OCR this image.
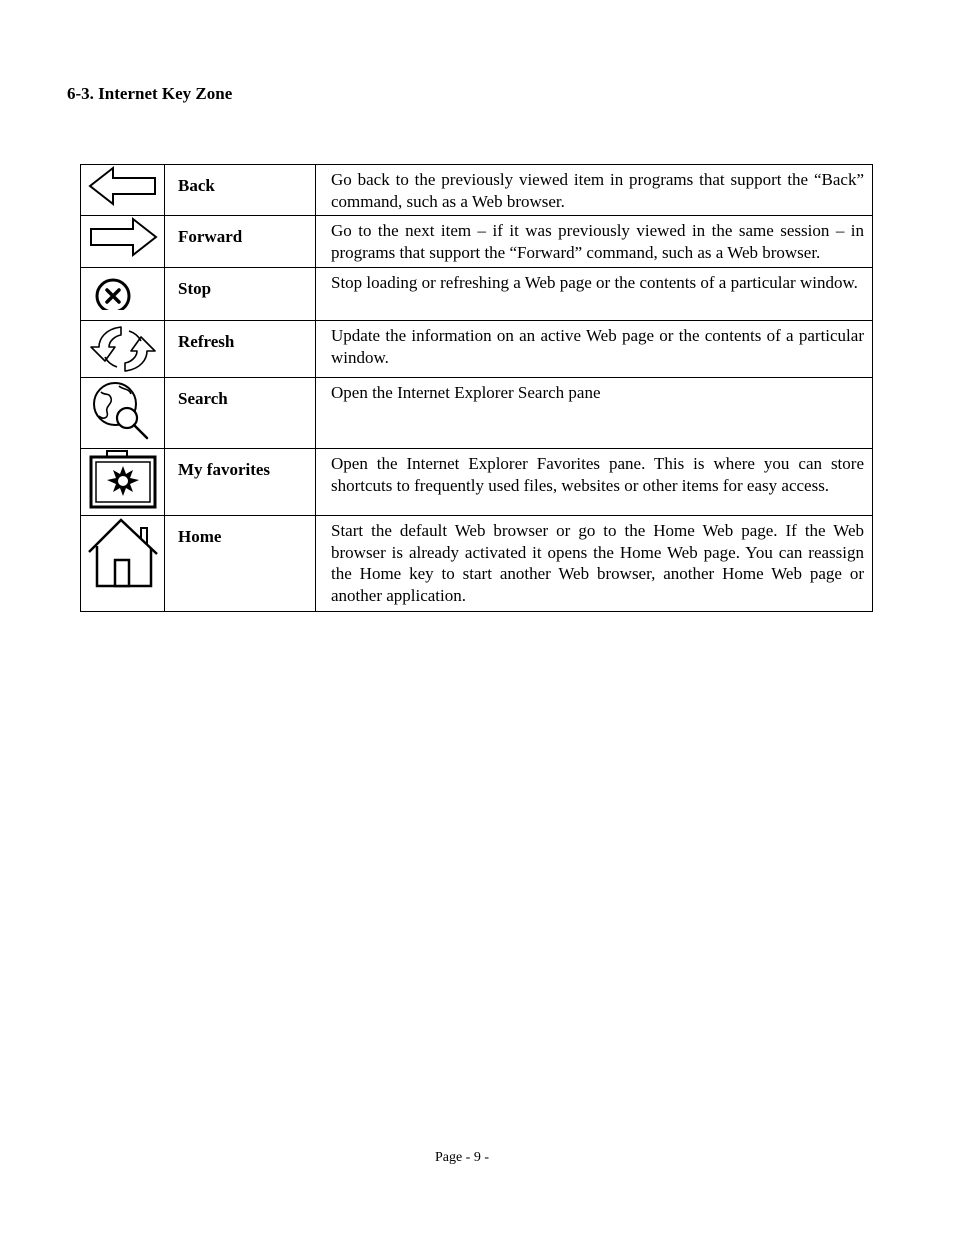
6-3. Internet Key Zone
	Back	Go back to the previously viewed item in programs that support the “Back” command, such as a Web browser.

	Forward	Go to the next item – if it was previously viewed in the same session – in programs that support the “Forward” command, such as a Web browser.

	Stop	Stop loading or refreshing a Web page or the contents of a particular window.

	Refresh	Update the information on an active Web page or the contents of a particular window.

	Search	Open the Internet Explorer Search pane

	My favorites	Open the Internet Explorer Favorites pane. This is where you can store shortcuts to frequently used files, websites or other items for easy access.

	Home	Start the default Web browser or go to the Home Web page. If the Web browser is already activated it opens the Home Web page. You can reassign the Home key to start another Web browser, another Home Web page or another application.
Page - 9 -
